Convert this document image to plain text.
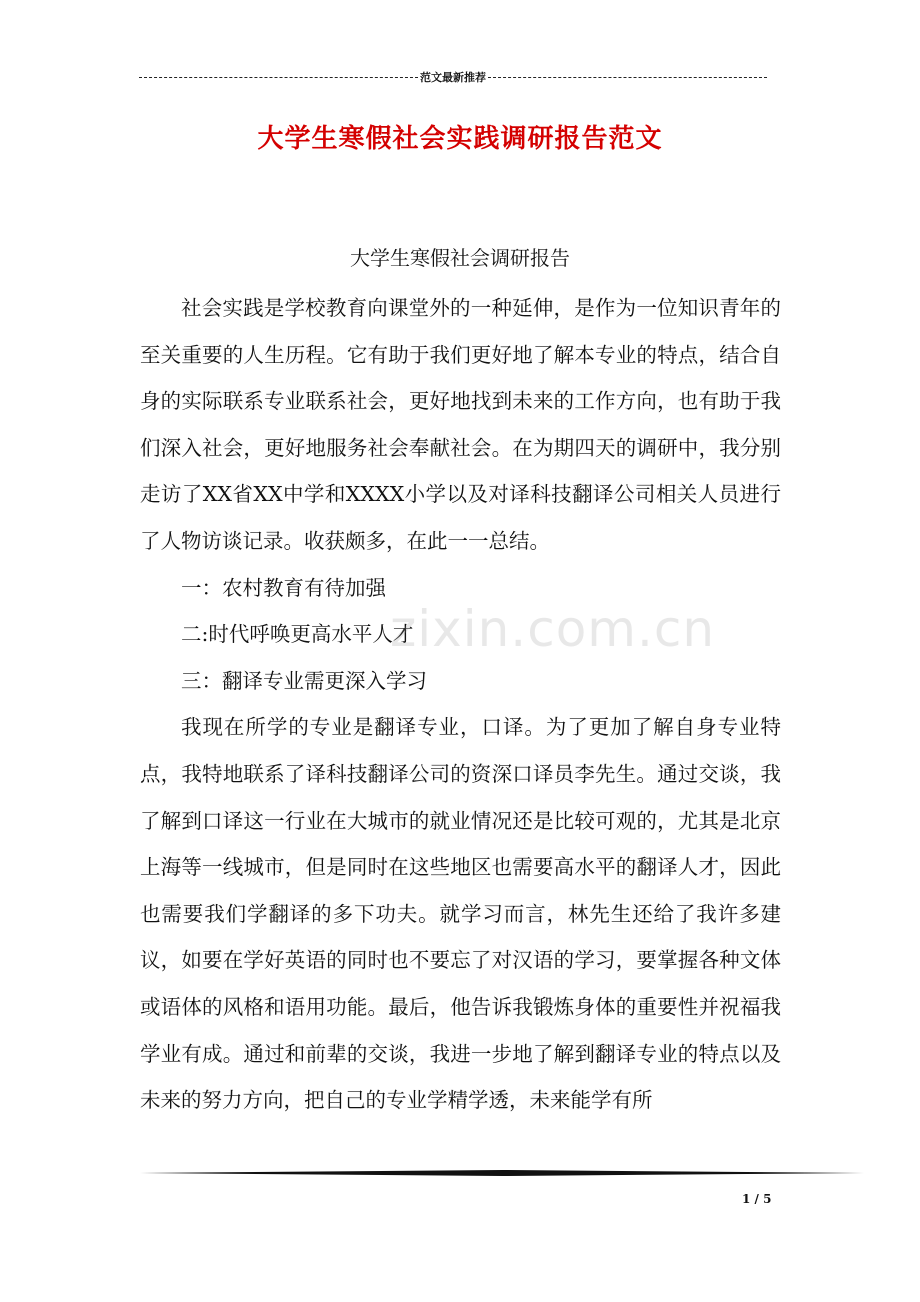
范文最新推荐
大学生寒假社会实践调研报告范文
大学生寒假社会调研报告

社会实践是学校教育向课堂外的一种延伸，是作为一位知识青年的至关重要的人生历程。它有助于我们更好地了解本专业的特点，结合自身的实际联系专业联系社会，更好地找到未来的工作方向，也有助于我们深入社会，更好地服务社会奉献社会。在为期四天的调研中，我分别走访了XX省XX中学和XXXX小学以及对译科技翻译公司相关人员进行了人物访谈记录。收获颇多，在此一一总结。

一：农村教育有待加强

二:时代呼唤更高水平人才

三：翻译专业需更深入学习

我现在所学的专业是翻译专业，口译。为了更加了解自身专业特点，我特地联系了译科技翻译公司的资深口译员李先生。通过交谈，我了解到口译这一行业在大城市的就业情况还是比较可观的，尤其是北京上海等一线城市，但是同时在这些地区也需要高水平的翻译人才，因此也需要我们学翻译的多下功夫。就学习而言，林先生还给了我许多建议，如要在学好英语的同时也不要忘了对汉语的学习，要掌握各种文体或语体的风格和语用功能。最后，他告诉我锻炼身体的重要性并祝福我学业有成。通过和前辈的交谈，我进一步地了解到翻译专业的特点以及未来的努力方向，把自己的专业学精学透，未来能学有所

zixin.com.cn
1 / 5
